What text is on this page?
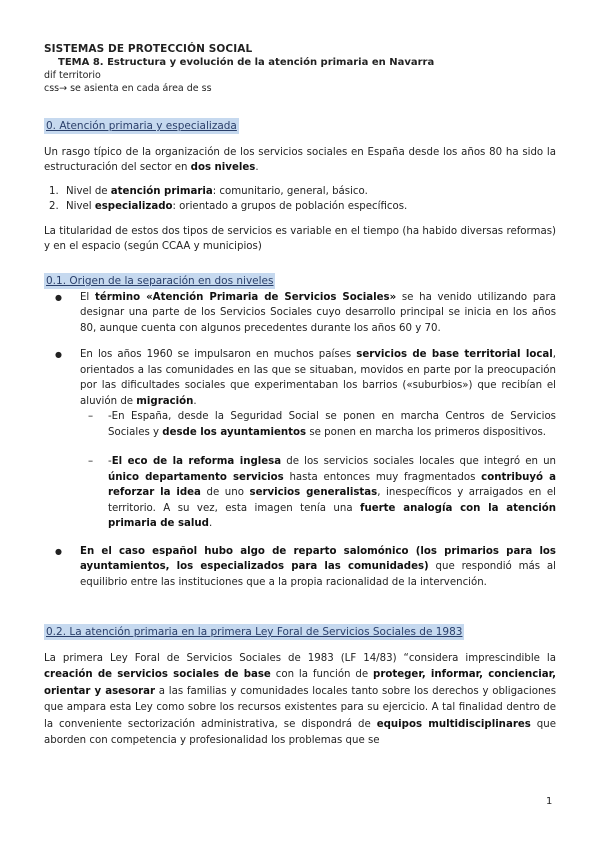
SISTEMAS DE PROTECCIÓN SOCIAL

TEMA 8. Estructura y evolución de la atención primaria en Navarra

dif territorio

css→ se asienta en cada área de ss

0. Atención primaria y especializada

Un rasgo típico de la organización de los servicios sociales en España desde los años 80 ha sido la estructuración del sector en dos niveles.

1. Nivel de atención primaria: comunitario, general, básico.
2. Nivel especializado: orientado a grupos de población específicos.

La titularidad de estos dos tipos de servicios es variable en el tiempo (ha habido diversas reformas) y en el espacio (según CCAA y municipios)

0.1. Origen de la separación en dos niveles
● El término «Atención Primaria de Servicios Sociales» se ha venido utilizando para designar una parte de los Servicios Sociales cuyo desarrollo principal se inicia en los años 80, aunque cuenta con algunos precedentes durante los años 60 y 70.
● En los años 1960 se impulsaron en muchos países servicios de base territorial local, orientados a las comunidades en las que se situaban, movidos en parte por la preocupación por las dificultades sociales que experimentaban los barrios («suburbios») que recibían el aluvión de migración.
– -En España, desde la Seguridad Social se ponen en marcha Centros de Servicios Sociales y desde los ayuntamientos se ponen en marcha los primeros dispositivos.
– -El eco de la reforma inglesa de los servicios sociales locales que integró en un único departamento servicios hasta entonces muy fragmentados contribuyó a reforzar la idea de uno servicios generalistas, inespecíficos y arraigados en el territorio. A su vez, esta imagen tenía una fuerte analogía con la atención primaria de salud.
● En el caso español hubo algo de reparto salomónico (los primarios para los ayuntamientos, los especializados para las comunidades) que respondió más al equilibrio entre las instituciones que a la propia racionalidad de la intervención.
0.2. La atención primaria en la primera Ley Foral de Servicios Sociales de 1983

La primera Ley Foral de Servicios Sociales de 1983 (LF 14/83) “considera imprescindible la creación de servicios sociales de base con la función de proteger, informar, concienciar, orientar y asesorar a las familias y comunidades locales tanto sobre los derechos y obligaciones que ampara esta Ley como sobre los recursos existentes para su ejercicio. A tal finalidad dentro de la conveniente sectorización administrativa, se dispondrá de equipos multidisciplinares que aborden con competencia y profesionalidad los problemas que se

1
